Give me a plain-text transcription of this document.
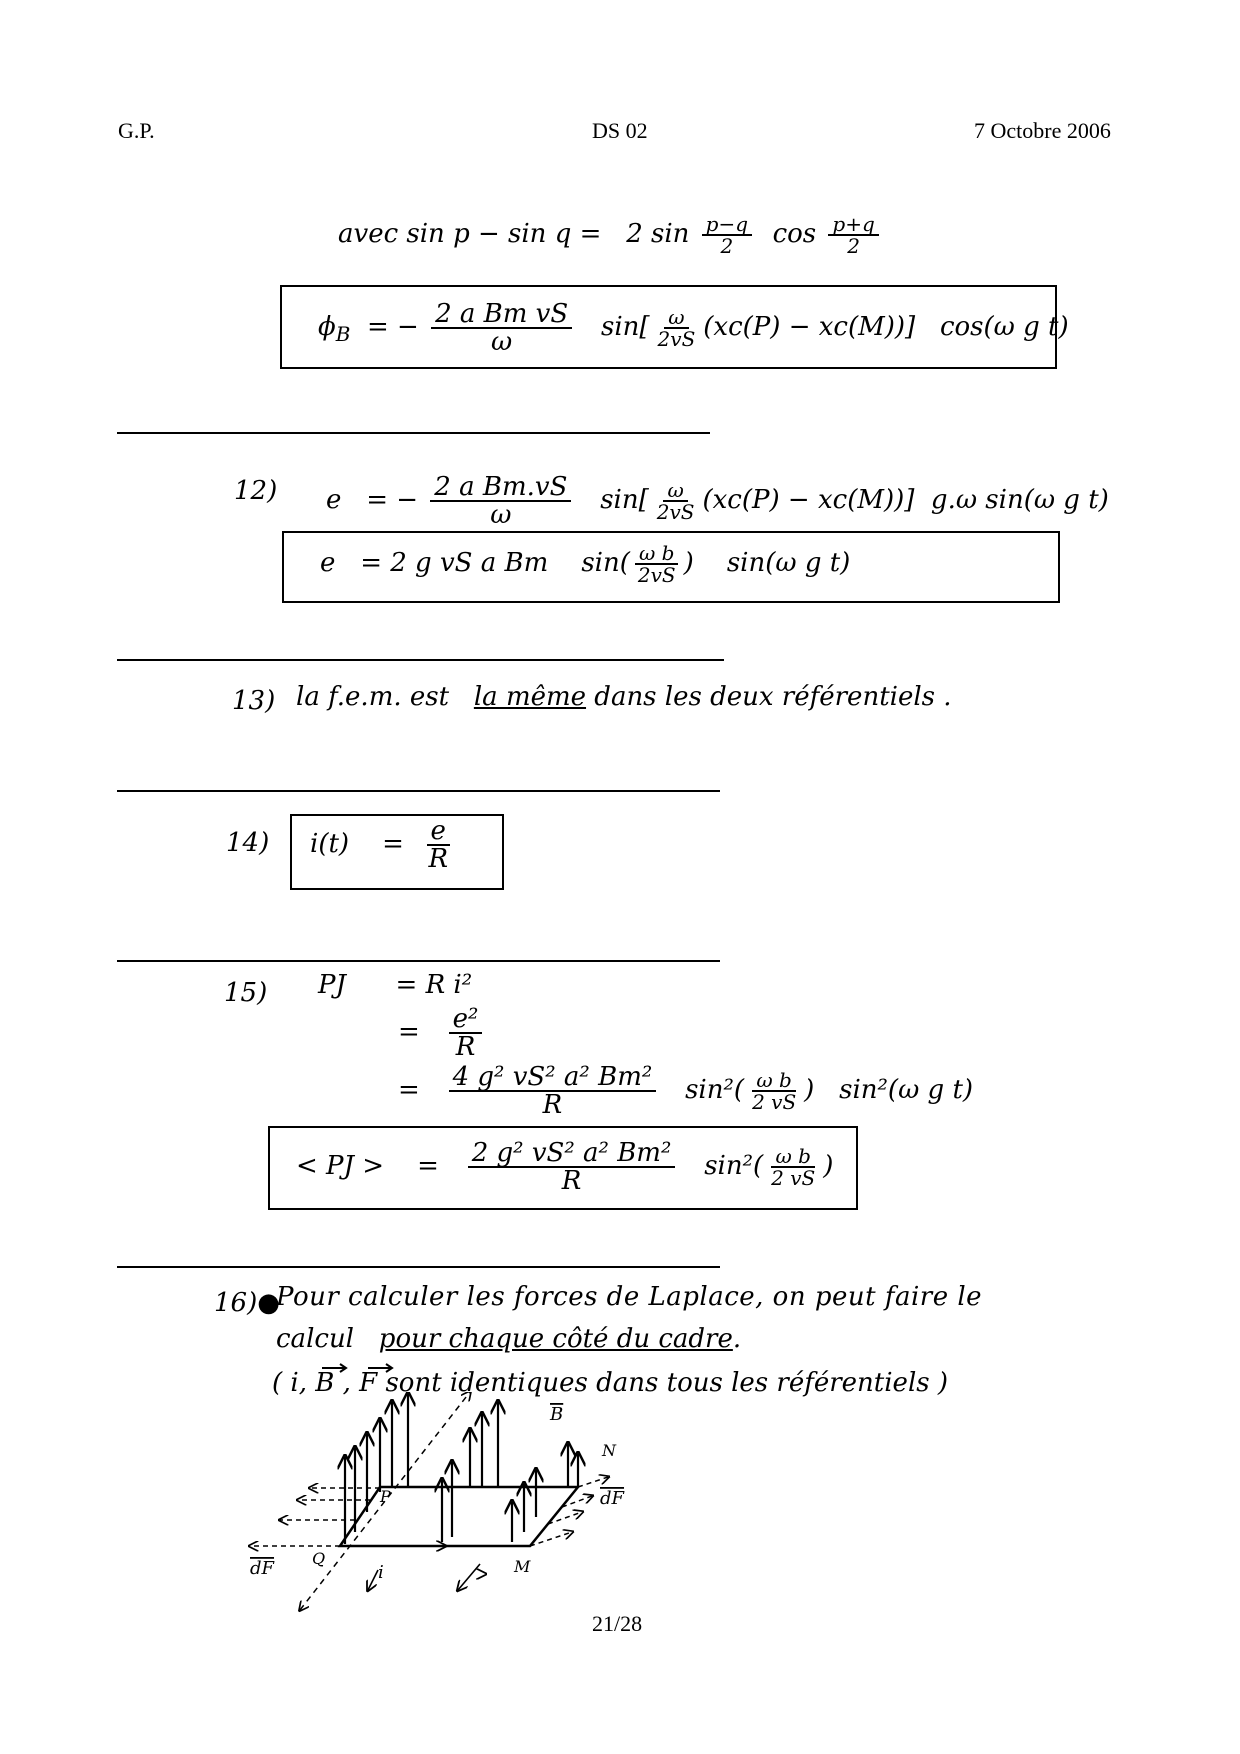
G.P.	DS 02	7 Octobre 2006
avec sin p − sin q = 2 $\sin \frac{p-q}{2}$ $\cos \frac{p+q}{2}$
$\phi_B$ = − $\frac{\text{2 a Bm vS}}{\omega} \sin[ \frac{\omega}{2vS} (xc(P) - xc(M))]$ cos(ω g t)
12) e = − $\frac{\text{2 a Bm.vS}}{\omega} \sin[ \frac{\omega}{2vS} (xc(P) - xc(M))]$ g.ω sin(ω g t)
e = 2 g vS a Bm $\sin( \frac{\text{ω b}}{2vS}$ )    sin(ω g t)
13) la f.e.m. est la même dans les deux référentiels .
14) $i(t) = \frac{e}{R}$
15) PJ = R i²
= $\frac{\text{e²}}{R}$
= $\frac{\text{4 g² vS² a² Bm²}}{R} \sin^2( \frac{\text{ω b}}{2 vS}$ )   sin²(ω g t)
< PJ > = $\frac{\text{2 g² vS² a² Bm²}}{R} \sin^2( \frac{\text{ω b}}{2 vS}$ )
16)●
Pour calculer les forces de Laplace, on peut faire le
calcul pour chaque côté du cadre.
( i, B , F sont identiques dans tous les référentiels )
P
Q	M
i
B
N
dF
dF
21/28
